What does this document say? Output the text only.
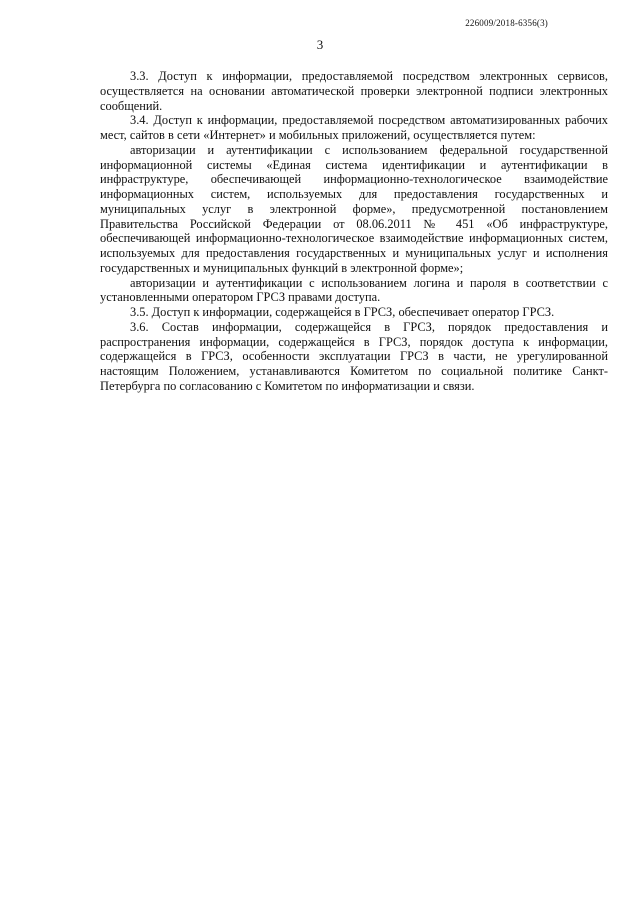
226009/2018-6356(3)
3

3.3. Доступ к информации, предоставляемой посредством электронных сервисов, осуществляется на основании автоматической проверки электронной подписи электронных сообщений.

3.4. Доступ к информации, предоставляемой посредством автоматизированных рабочих мест, сайтов в сети «Интернет» и мобильных приложений, осуществляется путем:

авторизации и аутентификации с использованием федеральной государственной информационной системы «Единая система идентификации и аутентификации в инфраструктуре, обеспечивающей информационно-технологическое взаимодействие информационных систем, используемых для предоставления государственных и муниципальных услуг в электронной форме», предусмотренной постановлением Правительства Российской Федерации от 08.06.2011 № 451 «Об инфраструктуре, обеспечивающей информационно-технологическое взаимодействие информационных систем, используемых для предоставления государственных и муниципальных услуг и исполнения государственных и муниципальных функций в электронной форме»;

авторизации и аутентификации с использованием логина и пароля в соответствии с установленными оператором ГРСЗ правами доступа.

3.5. Доступ к информации, содержащейся в ГРСЗ, обеспечивает оператор ГРСЗ.

3.6. Состав информации, содержащейся в ГРСЗ, порядок предоставления и распространения информации, содержащейся в ГРСЗ, порядок доступа к информации, содержащейся в ГРСЗ, особенности эксплуатации ГРСЗ в части, не урегулированной настоящим Положением, устанавливаются Комитетом по социальной политике Санкт-Петербурга по согласованию с Комитетом по информатизации и связи.
